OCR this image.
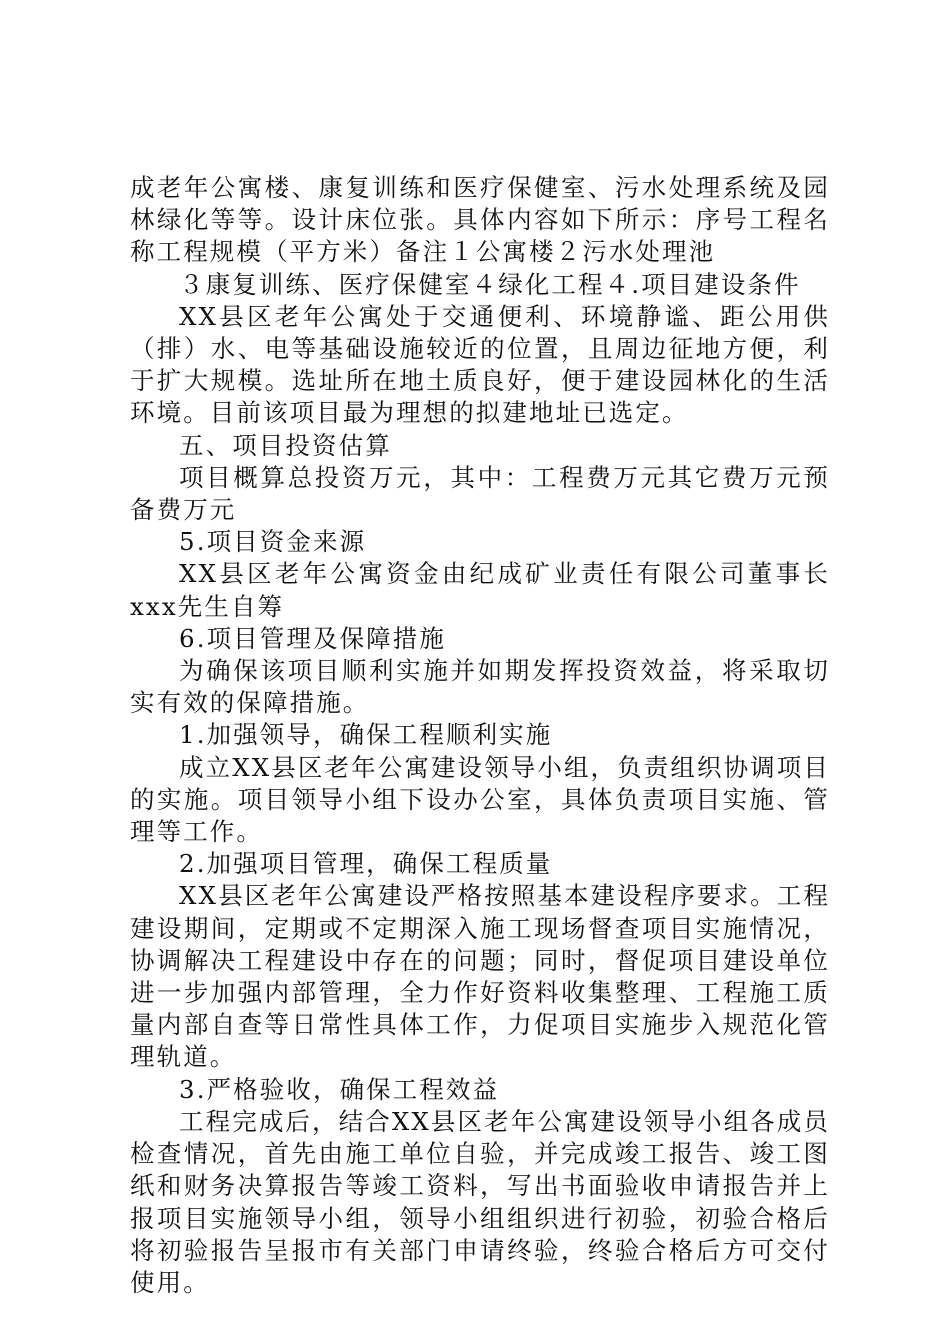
成老年公寓楼、康复训练和医疗保健室、污水处理系统及园林绿化等等。设计床位张。具体内容如下所示：序号工程名称工程规模（平方米）备注１公寓楼２污水处理池

３康复训练、医疗保健室４绿化工程４.项目建设条件

XX县区老年公寓处于交通便利、环境静谧、距公用供（排）水、电等基础设施较近的位置，且周边征地方便，利于扩大规模。选址所在地土质良好，便于建设园林化的生活环境。目前该项目最为理想的拟建地址已选定。

五、项目投资估算

项目概算总投资万元，其中：工程费万元其它费万元预备费万元

5.项目资金来源

XX县区老年公寓资金由纪成矿业责任有限公司董事长xxx先生自筹

6.项目管理及保障措施

为确保该项目顺利实施并如期发挥投资效益，将采取切实有效的保障措施。

1.加强领导，确保工程顺利实施

成立XX县区老年公寓建设领导小组，负责组织协调项目的实施。项目领导小组下设办公室，具体负责项目实施、管理等工作。

2.加强项目管理，确保工程质量

XX县区老年公寓建设严格按照基本建设程序要求。工程建设期间，定期或不定期深入施工现场督查项目实施情况，协调解决工程建设中存在的问题；同时，督促项目建设单位进一步加强内部管理，全力作好资料收集整理、工程施工质量内部自查等日常性具体工作，力促项目实施步入规范化管理轨道。

3.严格验收，确保工程效益

工程完成后，结合XX县区老年公寓建设领导小组各成员检查情况，首先由施工单位自验，并完成竣工报告、竣工图纸和财务决算报告等竣工资料，写出书面验收申请报告并上报项目实施领导小组，领导小组组织进行初验，初验合格后将初验报告呈报市有关部门申请终验，终验合格后方可交付使用。
